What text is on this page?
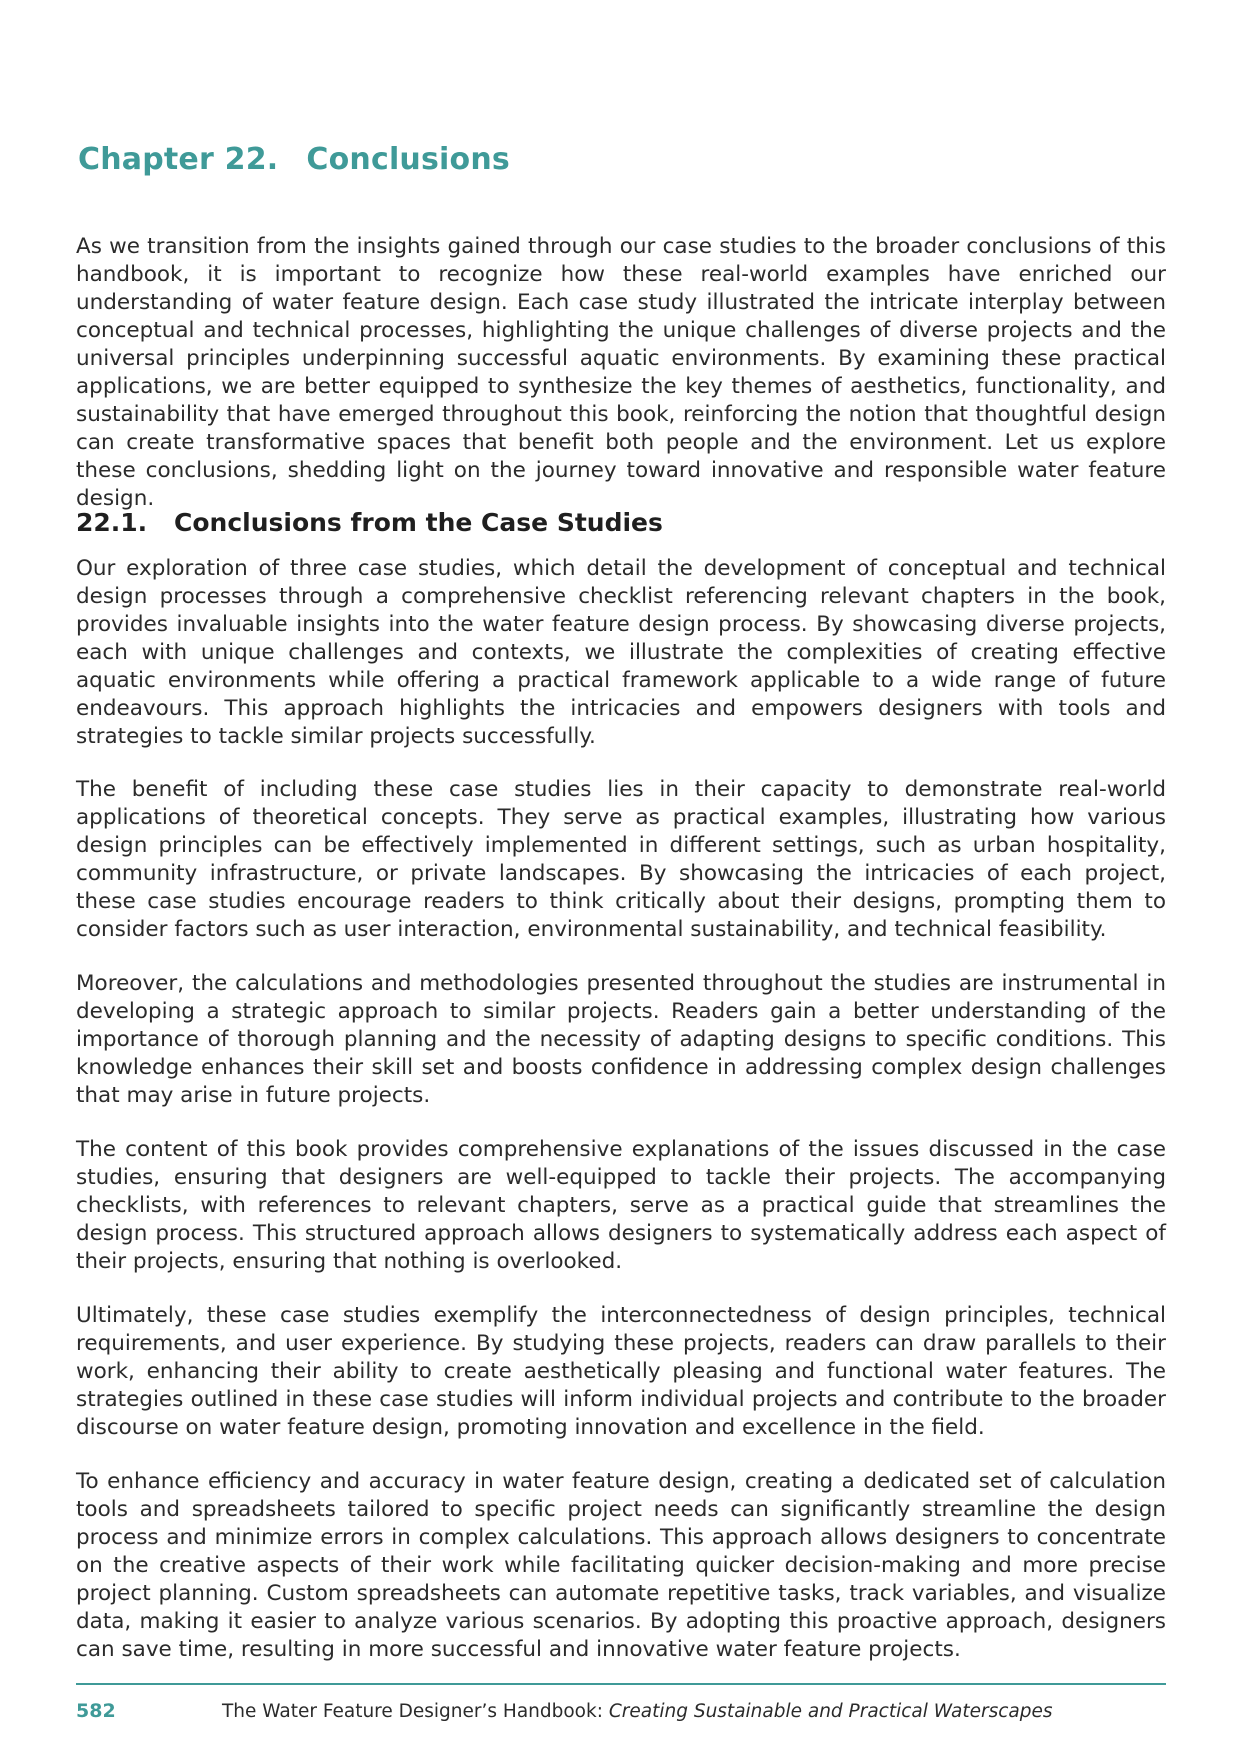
Chapter 22. Conclusions

As we transition from the insights gained through our case studies to the broader conclusions of this handbook, it is important to recognize how these real-world examples have enriched our understanding of water feature design. Each case study illustrated the intricate interplay between conceptual and technical processes, highlighting the unique challenges of diverse projects and the universal principles underpinning successful aquatic environments. By examining these practical applications, we are better equipped to synthesize the key themes of aesthetics, functionality, and sustainability that have emerged throughout this book, reinforcing the notion that thoughtful design can create transformative spaces that benefit both people and the environment. Let us explore these conclusions, shedding light on the journey toward innovative and responsible water feature design.

22.1. Conclusions from the Case Studies

Our exploration of three case studies, which detail the development of conceptual and technical design processes through a comprehensive checklist referencing relevant chapters in the book, provides invaluable insights into the water feature design process. By showcasing diverse projects, each with unique challenges and contexts, we illustrate the complexities of creating effective aquatic environments while offering a practical framework applicable to a wide range of future endeavours. This approach highlights the intricacies and empowers designers with tools and strategies to tackle similar projects successfully.

The benefit of including these case studies lies in their capacity to demonstrate real-world applications of theoretical concepts. They serve as practical examples, illustrating how various design principles can be effectively implemented in different settings, such as urban hospitality, community infrastructure, or private landscapes. By showcasing the intricacies of each project, these case studies encourage readers to think critically about their designs, prompting them to consider factors such as user interaction, environmental sustainability, and technical feasibility.

Moreover, the calculations and methodologies presented throughout the studies are instrumental in developing a strategic approach to similar projects. Readers gain a better understanding of the importance of thorough planning and the necessity of adapting designs to specific conditions. This knowledge enhances their skill set and boosts confidence in addressing complex design challenges that may arise in future projects.

The content of this book provides comprehensive explanations of the issues discussed in the case studies, ensuring that designers are well-equipped to tackle their projects. The accompanying checklists, with references to relevant chapters, serve as a practical guide that streamlines the design process. This structured approach allows designers to systematically address each aspect of their projects, ensuring that nothing is overlooked.

Ultimately, these case studies exemplify the interconnectedness of design principles, technical requirements, and user experience. By studying these projects, readers can draw parallels to their work, enhancing their ability to create aesthetically pleasing and functional water features. The strategies outlined in these case studies will inform individual projects and contribute to the broader discourse on water feature design, promoting innovation and excellence in the field.

To enhance efficiency and accuracy in water feature design, creating a dedicated set of calculation tools and spreadsheets tailored to specific project needs can significantly streamline the design process and minimize errors in complex calculations. This approach allows designers to concentrate on the creative aspects of their work while facilitating quicker decision-making and more precise project planning. Custom spreadsheets can automate repetitive tasks, track variables, and visualize data, making it easier to analyze various scenarios. By adopting this proactive approach, designers can save time, resulting in more successful and innovative water feature projects.

582	The Water Feature Designer’s Handbook: Creating Sustainable and Practical Waterscapes
